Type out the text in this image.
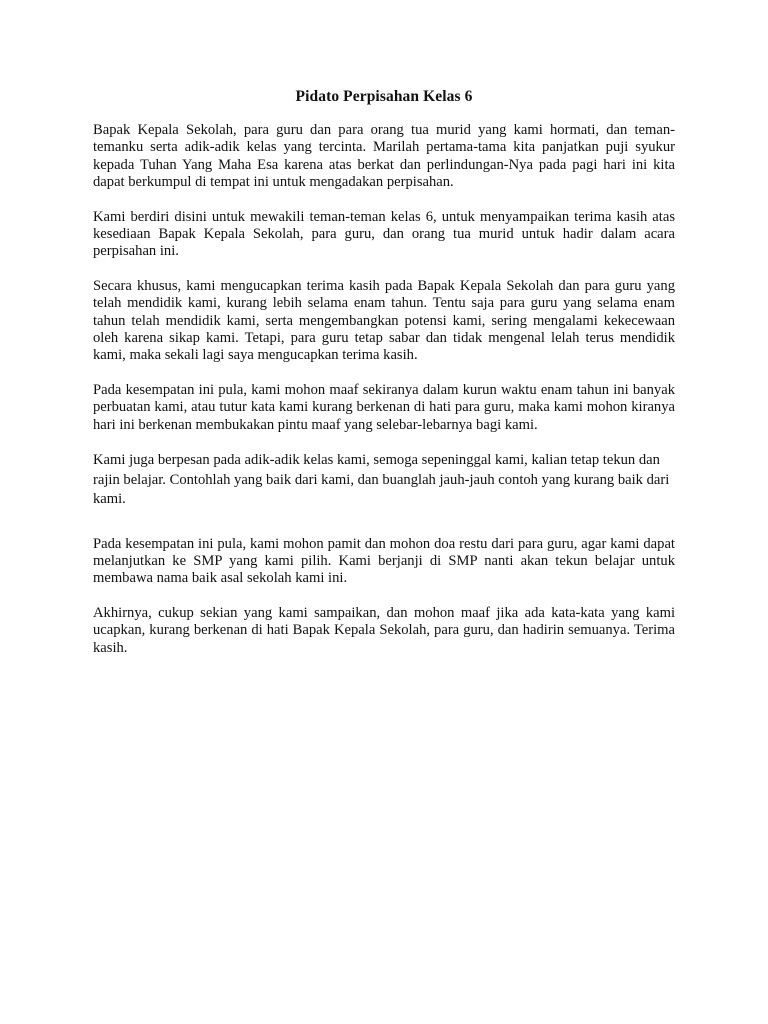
Pidato Perpisahan Kelas 6

Bapak Kepala Sekolah, para guru dan para orang tua murid yang kami hormati, dan teman-temanku serta adik-adik kelas yang tercinta. Marilah pertama-tama kita panjatkan puji syukur kepada Tuhan Yang Maha Esa karena atas berkat dan perlindungan-Nya pada pagi hari ini kita dapat berkumpul di tempat ini untuk mengadakan perpisahan.

Kami berdiri disini untuk mewakili teman-teman kelas 6, untuk menyampaikan terima kasih atas kesediaan Bapak Kepala Sekolah, para guru, dan orang tua murid untuk hadir dalam acara perpisahan ini.

Secara khusus, kami mengucapkan terima kasih pada Bapak Kepala Sekolah dan para guru yang telah mendidik kami, kurang lebih selama enam tahun. Tentu saja para guru yang selama enam tahun telah mendidik kami, serta mengembangkan potensi kami, sering mengalami kekecewaan oleh karena sikap kami. Tetapi, para guru tetap sabar dan tidak mengenal lelah terus mendidik kami, maka sekali lagi saya mengucapkan terima kasih.

Pada kesempatan ini pula, kami mohon maaf sekiranya dalam kurun waktu enam tahun ini banyak perbuatan kami, atau tutur kata kami kurang berkenan di hati para guru, maka kami mohon kiranya hari ini berkenan membukakan pintu maaf yang selebar-lebarnya bagi kami.

Kami juga berpesan pada adik-adik kelas kami, semoga sepeninggal kami, kalian tetap tekun dan rajin belajar. Contohlah yang baik dari kami, dan buanglah jauh-jauh contoh yang kurang baik dari kami.

Pada kesempatan ini pula, kami mohon pamit dan mohon doa restu dari para guru, agar kami dapat melanjutkan ke SMP yang kami pilih. Kami berjanji di SMP nanti akan tekun belajar untuk membawa nama baik asal sekolah kami ini.

Akhirnya, cukup sekian yang kami sampaikan, dan mohon maaf jika ada kata-kata yang kami ucapkan, kurang berkenan di hati Bapak Kepala Sekolah, para guru, dan hadirin semuanya. Terima kasih.
